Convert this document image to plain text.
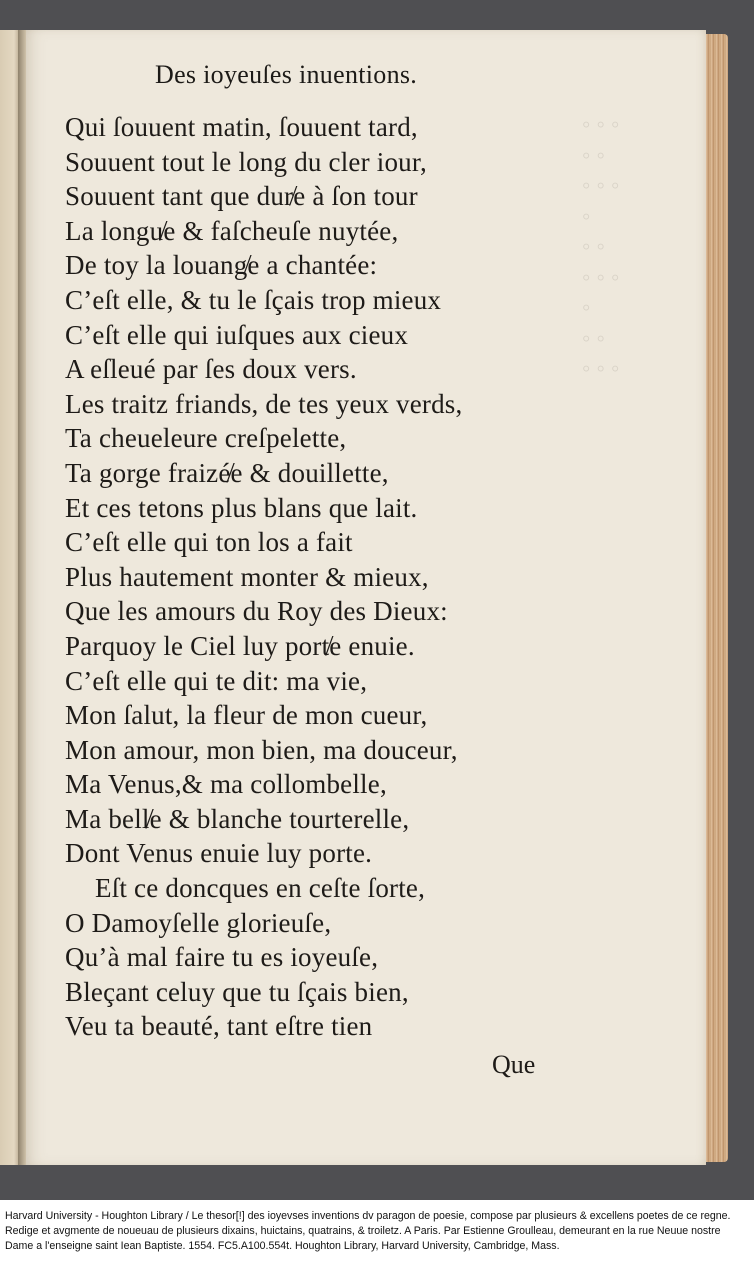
◦ ◦ ◦
◦ ◦
◦ ◦ ◦
◦
◦ ◦
◦ ◦ ◦
◦
◦ ◦
◦ ◦ ◦
Des ioyeuſes inuentions.
Qui ſouuent matin, ſouuent tard,
Souuent tout le long du cler iour,
Souuent tant que dur̸e à ſon tour
La longu̸e & faſcheuſe nuytée,
De toy la louang̸e a chantée:
C’eſt elle, & tu le ſçais trop mieux
C’eſt elle qui iuſques aux cieux
A eſleué par ſes doux vers.
Les traitz friands, de tes yeux verds,
Ta cheueleure creſpelette,
Ta gorge fraizé̸e & douillette,
Et ces tetons plus blans que lait.
C’eſt elle qui ton los a fait
Plus hautement monter & mieux,
Que les amours du Roy des Dieux:
Parquoy le Ciel luy port̸e enuie.
C’eſt elle qui te dit: ma vie,
Mon ſalut, la fleur de mon cueur,
Mon amour, mon bien, ma douceur,
Ma Venus,& ma collombelle,
Ma bell̸e & blanche tourterelle,
Dont Venus enuie luy porte.
Eſt ce doncques en ceſte ſorte,
O Damoyſelle glorieuſe,
Qu’à mal faire tu es ioyeuſe,
Bleçant celuy que tu ſçais bien,
Veu ta beauté, tant eſtre tien
Que
Harvard University - Houghton Library / Le thesor[!] des ioyevses inventions dv paragon de poesie, compose par plusieurs & excellens poetes de ce regne. Redige et avgmente de noueuau de plusieurs dixains, huictains, quatrains, & troiletz. A Paris. Par Estienne Groulleau, demeurant en la rue Neuue nostre Dame a l'enseigne saint Iean Baptiste. 1554. FC5.A100.554t. Houghton Library, Harvard University, Cambridge, Mass.
